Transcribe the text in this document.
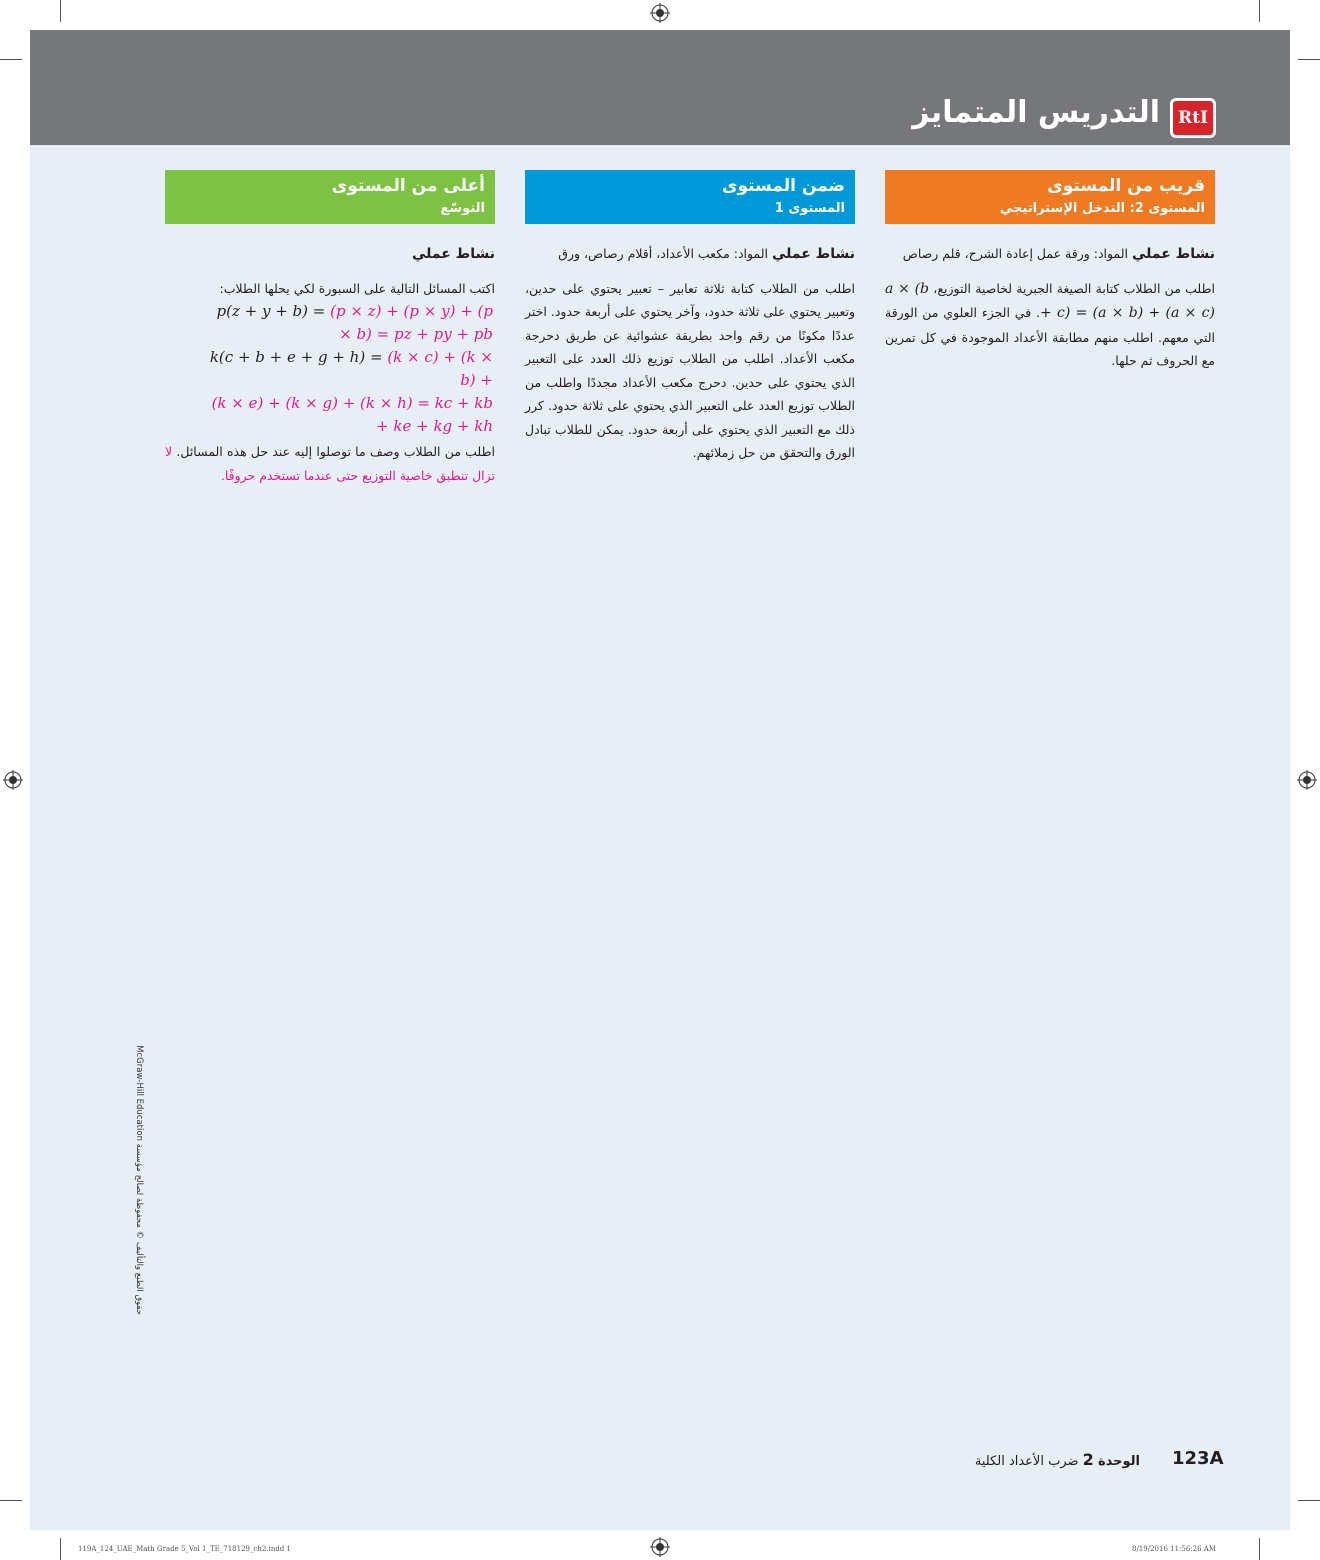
RtI
التدريس المتمايز
قريب من المستوى
المستوى 2: التدخل الإستراتيجي

نشاط عملي المواد: ورقة عمل إعادة الشرح، قلم رصاص

اطلب من الطلاب كتابة الصيغة الجبرية لخاصية التوزيع، a × (b + c) = (a × b) + (a × c). في الجزء العلوي من الورقة التي معهم. اطلب منهم مطابقة الأعداد الموجودة في كل تمرين مع الحروف ثم حلها.

ضمن المستوى
المستوى 1

نشاط عملي المواد: مكعب الأعداد، أقلام رصاص، ورق

اطلب من الطلاب كتابة ثلاثة تعابير – تعبير يحتوي على حدين، وتعبير يحتوي على ثلاثة حدود، وآخر يحتوي على أربعة حدود. اختر عددًا مكونًا من رقم واحد بطريقة عشوائية عن طريق دحرجة مكعب الأعداد. اطلب من الطلاب توزيع ذلك العدد على التعبير الذي يحتوي على حدين. دحرج مكعب الأعداد مجددًا واطلب من الطلاب توزيع العدد على التعبير الذي يحتوي على ثلاثة حدود. كرر ذلك مع التعبير الذي يحتوي على أربعة حدود. يمكن للطلاب تبادل الورق والتحقق من حل زملائهم.

أعلى من المستوى
التوسّع

نشاط عملي

اكتب المسائل التالية على السبورة لكي يحلها الطلاب:

p(z + y + b) = (p × z) + (p × y) + (p
× b) = pz + py + pb
k(c + b + e + g + h) = (k × c) + (k ×
b) +
(k × e) + (k × g) + (k × h) = kc + kb
+ ke + kg + kh

اطلب من الطلاب وصف ما توصلوا إليه عند حل هذه المسائل. لا تزال تنطبق خاصية التوزيع حتى عندما تستخدم حروفًا.

حقوق الطبع والتأليف © محفوظة لصالح مؤسسة McGraw-Hill Education
123A
الوحدة 2 ضرب الأعداد الكلية
119A_124_UAE_Math Grade 5_Vol 1_TE_718129_ch2.indd 1	8/19/2016 11:56:26 AM
